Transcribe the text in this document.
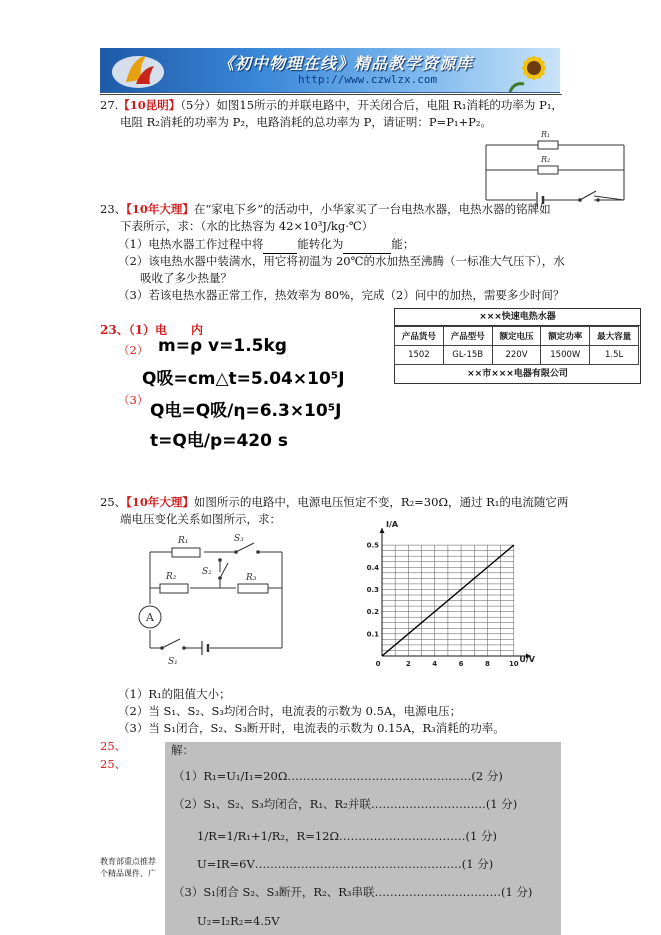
《初中物理在线》精品教学资源库
http://www.czwlzx.com
27.【10昆明】（5分）如图15所示的并联电路中，开关闭合后，电阻 R₁消耗的功率为 P₁，
电阻 R₂消耗的功率为 P₂，电路消耗的总功率为 P，请证明：P=P₁+P₂。
R₁
R₂
23、【10年大理】在“家电下乡”的活动中，小华家买了一台电热水器，电热水器的铭牌如
下表所示，求：（水的比热容为 42×10³J/kg·℃）
（1）电热水器工作过程中将	能转化为	能；
（2）该电热水器中装满水，用它将初温为 20℃的水加热至沸腾（一标准大气压下），水
吸收了多少热量？
（3）若该电热水器正常工作，热效率为 80%，完成（2）问中的加热，需要多少时间？
×××快速电热水器
产品货号	产品型号	额定电压	额定功率	最大容量
1502	GL-15B	220V	1500W	1.5L
××市×××电器有限公司
23、（1）电　　内
（2） m=ρ v=1.5kg
Q吸=cm△t=5.04×10⁵J
（3）
Q电=Q吸/η=6.3×10⁵J
t=Q电/p=420 s
25、【10年大理】如图所示的电路中，电源电压恒定不变，R₂=30Ω，通过 R₁的电流随它两
端电压变化关系如图所示，求：
A
R₁	S₃
R₂	S₂
R₃
S₁	0	2	4	6	8	10
0.1
0.2
0.3
0.4
0.5
I/A
U/V
（1）R₁的阻值大小；
（2）当 S₁、S₂、S₃均闭合时，电流表的示数为 0.5A，电源电压；
（3）当 S₁闭合，S₂、S₃断开时，电流表的示数为 0.15A，R₃消耗的功率。
25、
25、
解：
（1）R₁=U₁/I₁=20Ω…………………………………………(2 分)
（2）S₁、S₂、S₃均闭合，R₁、R₂并联…………………………(1 分)
1/R=1/R₁+1/R₂，R=12Ω……………………………(1 分)
U=IR=6V………………………………………………(1 分)
（3）S₁闭合 S₂、S₃断开，R₂、R₃串联……………………………(1 分)
U₂=I₂R₂=4.5V
教育部重点推荐
个精品课件、广
